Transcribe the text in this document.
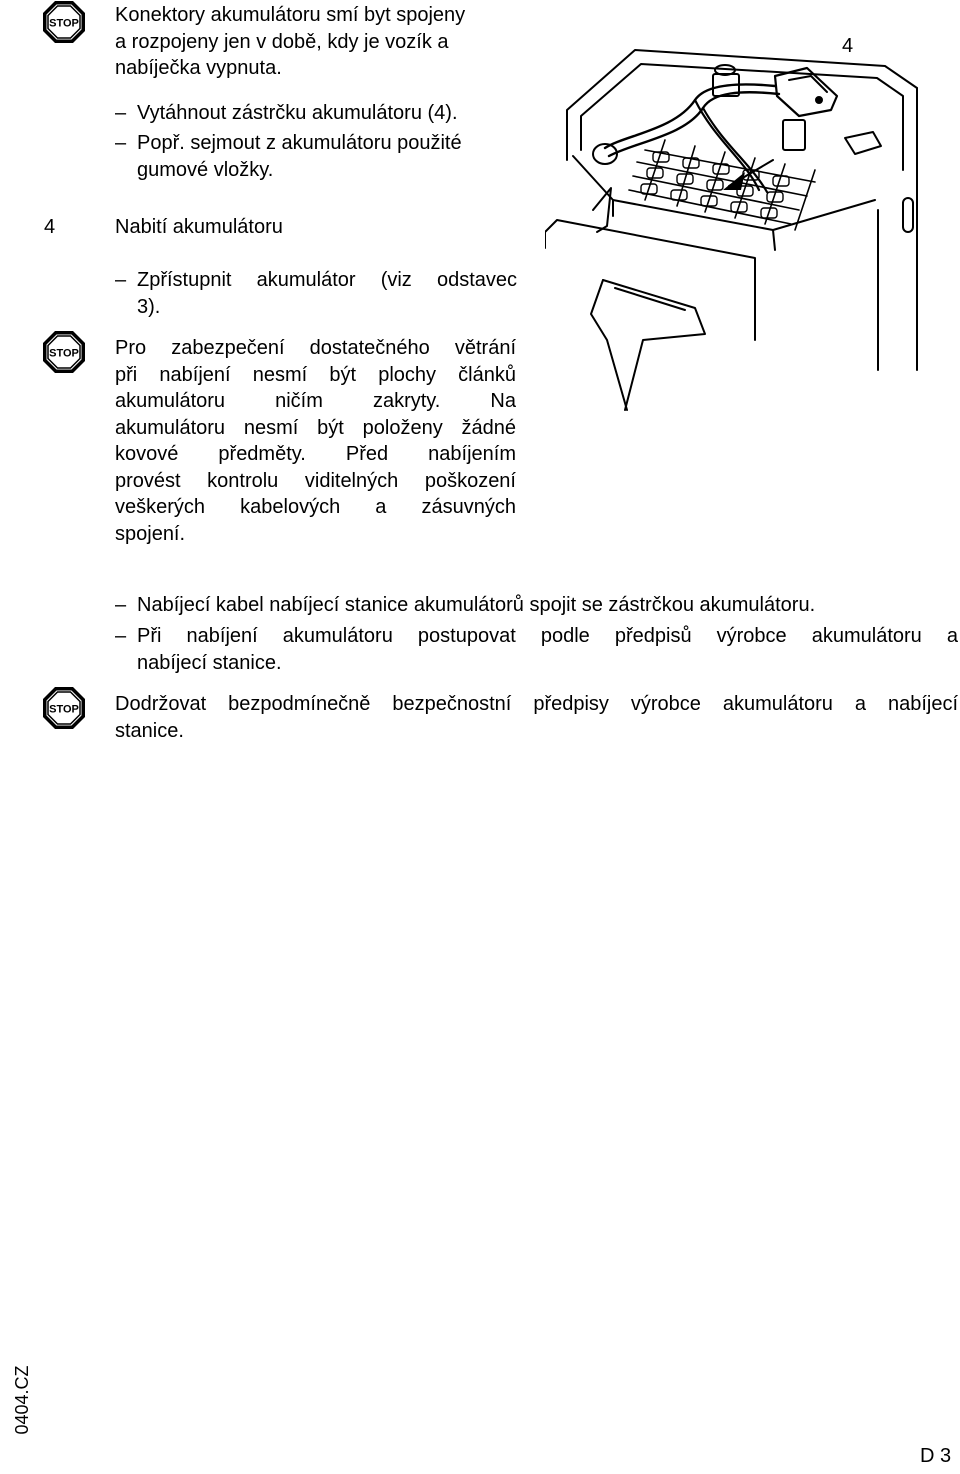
STOP Konektory akumulátoru smí byt spojeny
a rozpojeny jen v době, kdy je vozík a
nabíječka vypnuta.
– Vytáhnout zástrčku akumulátoru (4).
– Popř. sejmout z akumulátoru použité
gumové vložky.
4	Nabití akumulátoru
– Zpřístupnit akumulátor (viz odstavec
3).
STOP Pro zabezpečení dostatečného větrání
při nabíjení nesmí být plochy článků
akumulátoru ničím zakryty. Na
akumulátoru nesmí být položeny žádné
kovové předměty. Před nabíjením
provést kontrolu viditelných poškození
veškerých kabelových a zásuvných
spojení.
4
– Nabíjecí kabel nabíjecí stanice akumulátorů spojit se zástrčkou akumulátoru.
– Při nabíjení akumulátoru postupovat podle předpisů výrobce akumulátoru a
nabíjecí stanice.
STOP Dodržovat bezpodmínečně bezpečnostní předpisy výrobce akumulátoru a nabíjecí
stanice.
0404.CZ
D 3
